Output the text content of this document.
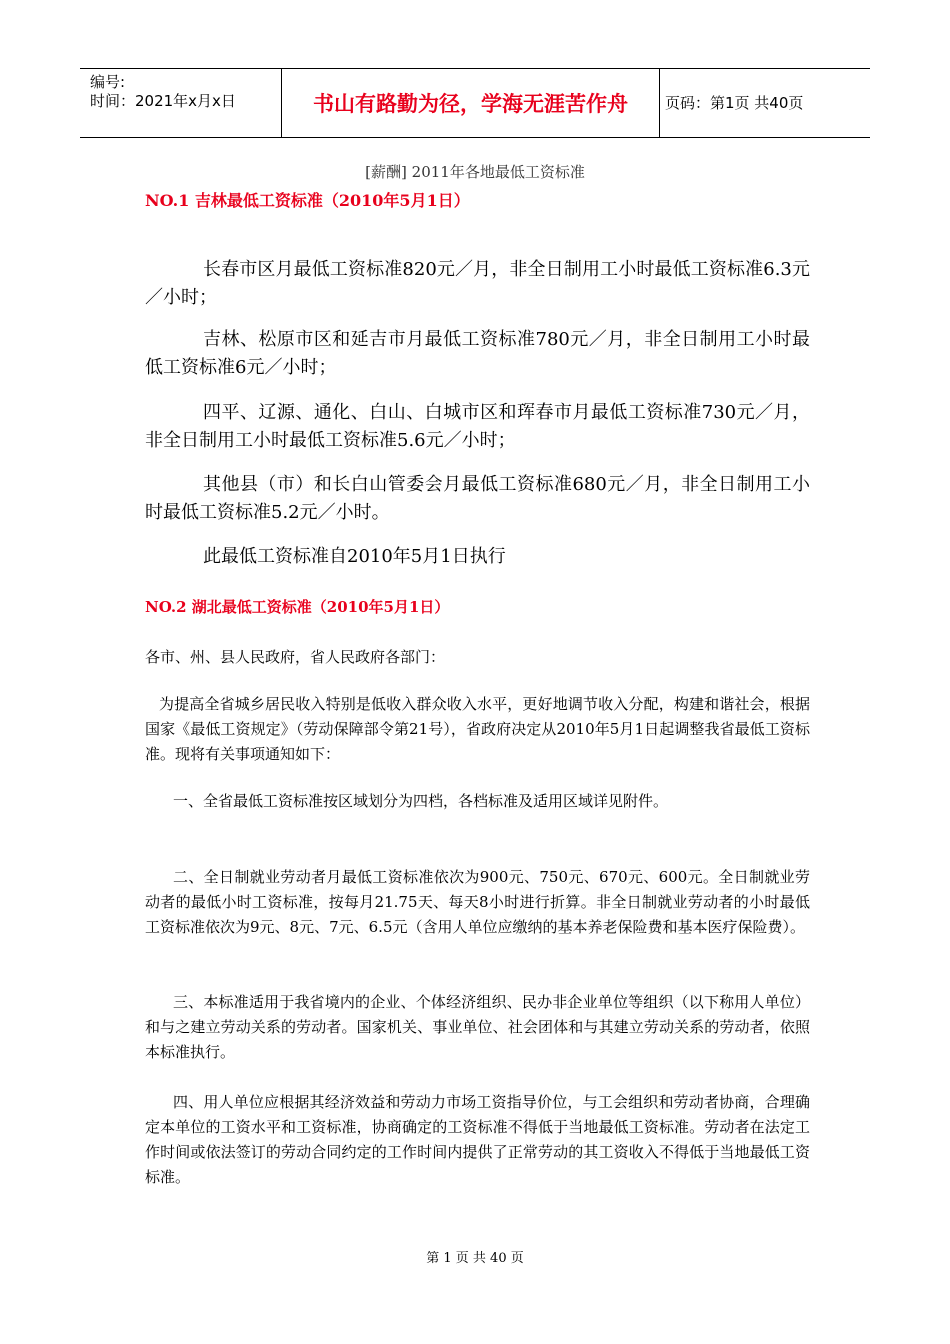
编号:
时间：2021年x月x日	书山有路勤为径，学海无涯苦作舟	页码：第1页 共40页
[薪酬] 2011年各地最低工资标准
NO.1 吉林最低工资标准（2010年5月1日）
长春市区月最低工资标准820元／月，非全日制用工小时最低工资标准6.3元／小时；
吉林、松原市区和延吉市月最低工资标准780元／月，非全日制用工小时最低工资标准6元／小时；
四平、辽源、通化、白山、白城市区和珲春市月最低工资标准730元／月，非全日制用工小时最低工资标准5.6元／小时；
其他县（市）和长白山管委会月最低工资标准680元／月，非全日制用工小时最低工资标准5.2元／小时。
此最低工资标准自2010年5月1日执行
NO.2 湖北最低工资标准（2010年5月1日）
各市、州、县人民政府，省人民政府各部门：
为提高全省城乡居民收入特别是低收入群众收入水平，更好地调节收入分配，构建和谐社会，根据国家《最低工资规定》（劳动保障部令第21号），省政府决定从2010年5月1日起调整我省最低工资标准。现将有关事项通知如下：
一、全省最低工资标准按区域划分为四档，各档标准及适用区域详见附件。
二、全日制就业劳动者月最低工资标准依次为900元、750元、670元、600元。全日制就业劳动者的最低小时工资标准，按每月21.75天、每天8小时进行折算。非全日制就业劳动者的小时最低工资标准依次为9元、8元、7元、6.5元（含用人单位应缴纳的基本养老保险费和基本医疗保险费）。
三、本标准适用于我省境内的企业、个体经济组织、民办非企业单位等组织（以下称用人单位）和与之建立劳动关系的劳动者。国家机关、事业单位、社会团体和与其建立劳动关系的劳动者，依照本标准执行。
四、用人单位应根据其经济效益和劳动力市场工资指导价位，与工会组织和劳动者协商，合理确定本单位的工资水平和工资标准，协商确定的工资标准不得低于当地最低工资标准。劳动者在法定工作时间或依法签订的劳动合同约定的工作时间内提供了正常劳动的其工资收入不得低于当地最低工资标准。
第 1 页 共 40 页
